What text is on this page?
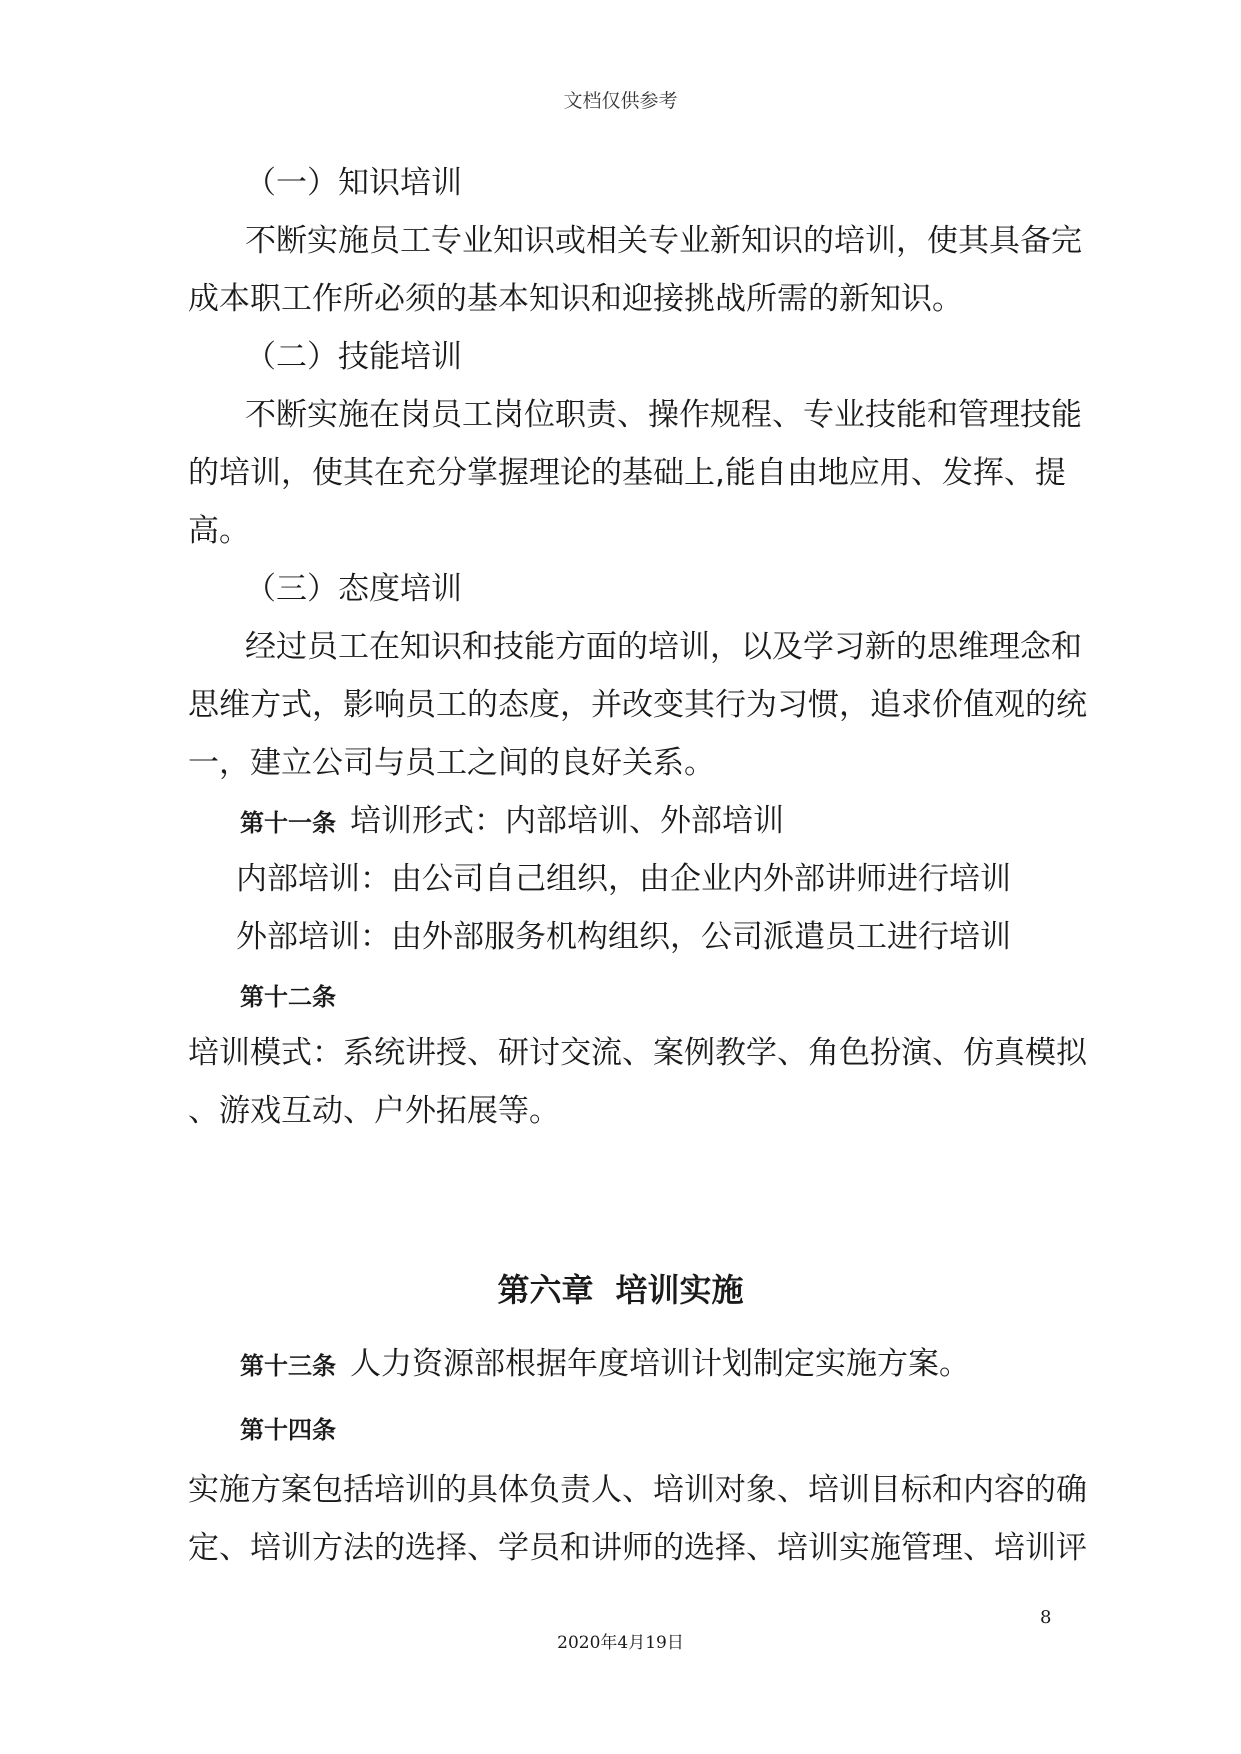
文档仅供参考
（一）知识培训
不断实施员工专业知识或相关专业新知识的培训，使其具备完
成本职工作所必须的基本知识和迎接挑战所需的新知识。
（二）技能培训
不断实施在岗员工岗位职责、操作规程、专业技能和管理技能
的培训，使其在充分掌握理论的基础上,能自由地应用、发挥、提
高。
（三）态度培训
经过员工在知识和技能方面的培训，以及学习新的思维理念和
思维方式，影响员工的态度，并改变其行为习惯，追求价值观的统
一，建立公司与员工之间的良好关系。
第十一条 培训形式：内部培训、外部培训
内部培训：由公司自己组织，由企业内外部讲师进行培训
外部培训：由外部服务机构组织，公司派遣员工进行培训
第十二条
培训模式：系统讲授、研讨交流、案例教学、角色扮演、仿真模拟
、游戏互动、户外拓展等。
第六章 培训实施
第十三条 人力资源部根据年度培训计划制定实施方案。
第十四条
实施方案包括培训的具体负责人、培训对象、培训目标和内容的确
定、培训方法的选择、学员和讲师的选择、培训实施管理、培训评
8
2020年4月19日
